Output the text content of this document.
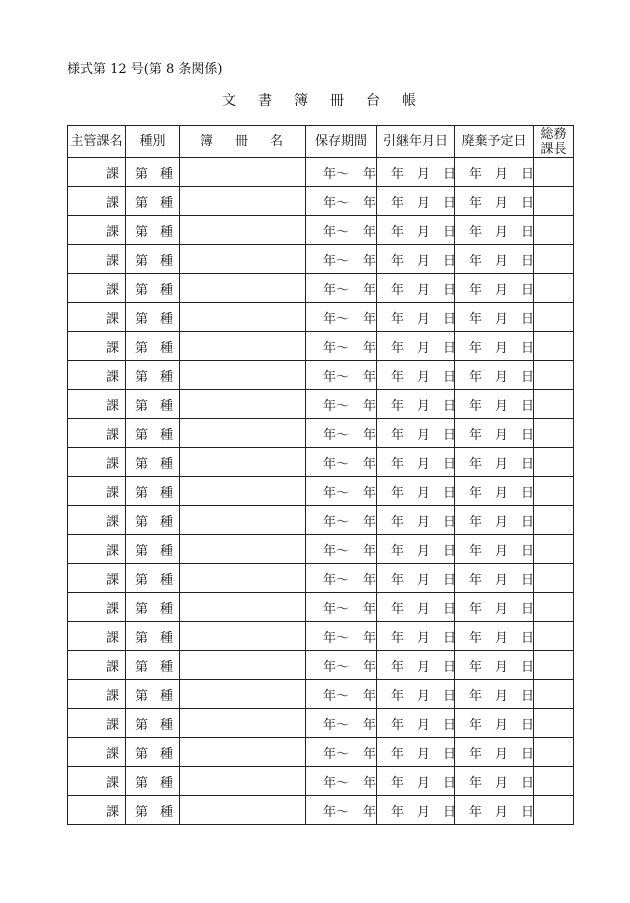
様式第 12 号(第 8 条関係)
文書簿冊台帳
主管課名	種別	簿冊名	保存期間	引継年月日	廃棄予定日	総務
課長
課	第 種		年〜 年	年 月 日	年 月 日	
課	第 種		年〜 年	年 月 日	年 月 日	
課	第 種		年〜 年	年 月 日	年 月 日	
課	第 種		年〜 年	年 月 日	年 月 日	
課	第 種		年〜 年	年 月 日	年 月 日	
課	第 種		年〜 年	年 月 日	年 月 日	
課	第 種		年〜 年	年 月 日	年 月 日	
課	第 種		年〜 年	年 月 日	年 月 日	
課	第 種		年〜 年	年 月 日	年 月 日	
課	第 種		年〜 年	年 月 日	年 月 日	
課	第 種		年〜 年	年 月 日	年 月 日	
課	第 種		年〜 年	年 月 日	年 月 日	
課	第 種		年〜 年	年 月 日	年 月 日	
課	第 種		年〜 年	年 月 日	年 月 日	
課	第 種		年〜 年	年 月 日	年 月 日	
課	第 種		年〜 年	年 月 日	年 月 日	
課	第 種		年〜 年	年 月 日	年 月 日	
課	第 種		年〜 年	年 月 日	年 月 日	
課	第 種		年〜 年	年 月 日	年 月 日	
課	第 種		年〜 年	年 月 日	年 月 日	
課	第 種		年〜 年	年 月 日	年 月 日	
課	第 種		年〜 年	年 月 日	年 月 日	
課	第 種		年〜 年	年 月 日	年 月 日	
